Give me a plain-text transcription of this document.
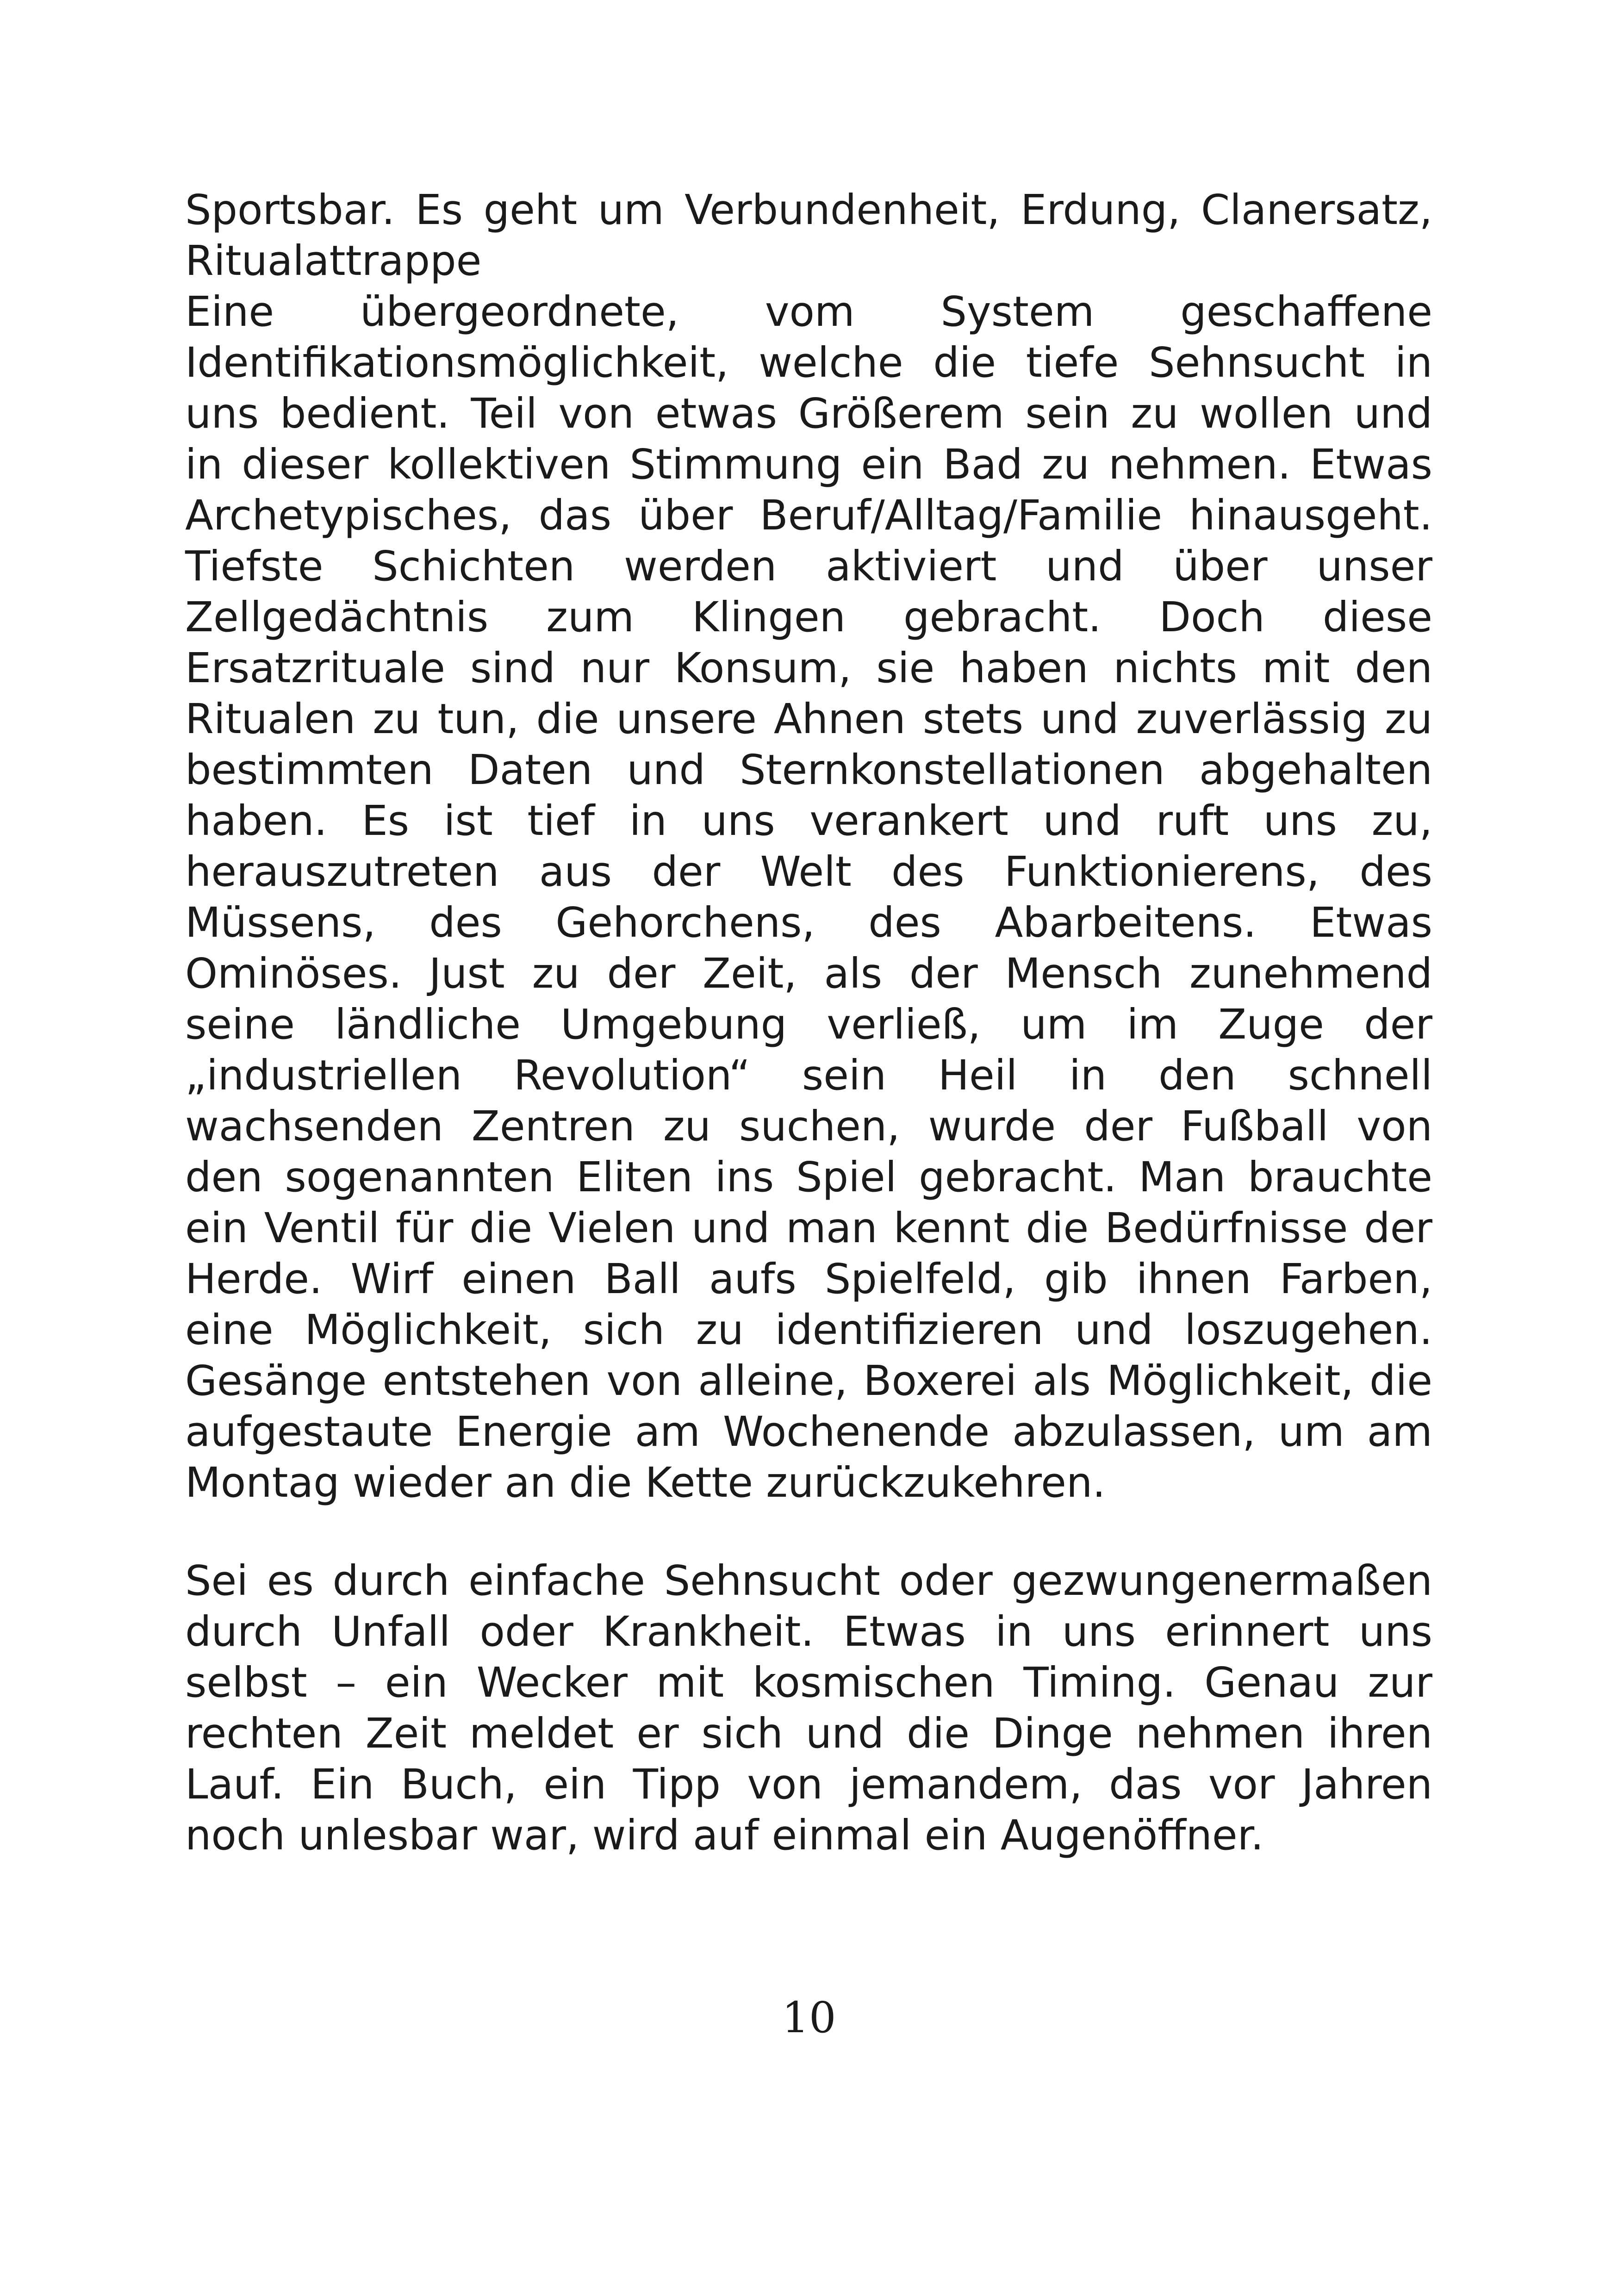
Sportsbar. Es geht um Verbundenheit, Erdung, Clanersatz,
Ritualattrappe
Eine übergeordnete, vom System geschaffene
Identifikationsmöglichkeit, welche die tiefe Sehnsucht in
uns bedient. Teil von etwas Größerem sein zu wollen und
in dieser kollektiven Stimmung ein Bad zu nehmen. Etwas
Archetypisches, das über Beruf/Alltag/Familie hinausgeht.
Tiefste Schichten werden aktiviert und über unser
Zellgedächtnis zum Klingen gebracht. Doch diese
Ersatzrituale sind nur Konsum, sie haben nichts mit den
Ritualen zu tun, die unsere Ahnen stets und zuverlässig zu
bestimmten Daten und Sternkonstellationen abgehalten
haben. Es ist tief in uns verankert und ruft uns zu,
herauszutreten aus der Welt des Funktionierens, des
Müssens, des Gehorchens, des Abarbeitens. Etwas
Ominöses. Just zu der Zeit, als der Mensch zunehmend
seine ländliche Umgebung verließ, um im Zuge der
„industriellen Revolution“ sein Heil in den schnell
wachsenden Zentren zu suchen, wurde der Fußball von
den sogenannten Eliten ins Spiel gebracht. Man brauchte
ein Ventil für die Vielen und man kennt die Bedürfnisse der
Herde. Wirf einen Ball aufs Spielfeld, gib ihnen Farben,
eine Möglichkeit, sich zu identifizieren und loszugehen.
Gesänge entstehen von alleine, Boxerei als Möglichkeit, die
aufgestaute Energie am Wochenende abzulassen, um am
Montag wieder an die Kette zurückzukehren.
Sei es durch einfache Sehnsucht oder gezwungenermaßen
durch Unfall oder Krankheit. Etwas in uns erinnert uns
selbst – ein Wecker mit kosmischen Timing. Genau zur
rechten Zeit meldet er sich und die Dinge nehmen ihren
Lauf. Ein Buch, ein Tipp von jemandem, das vor Jahren
noch unlesbar war, wird auf einmal ein Augenöffner.
10
